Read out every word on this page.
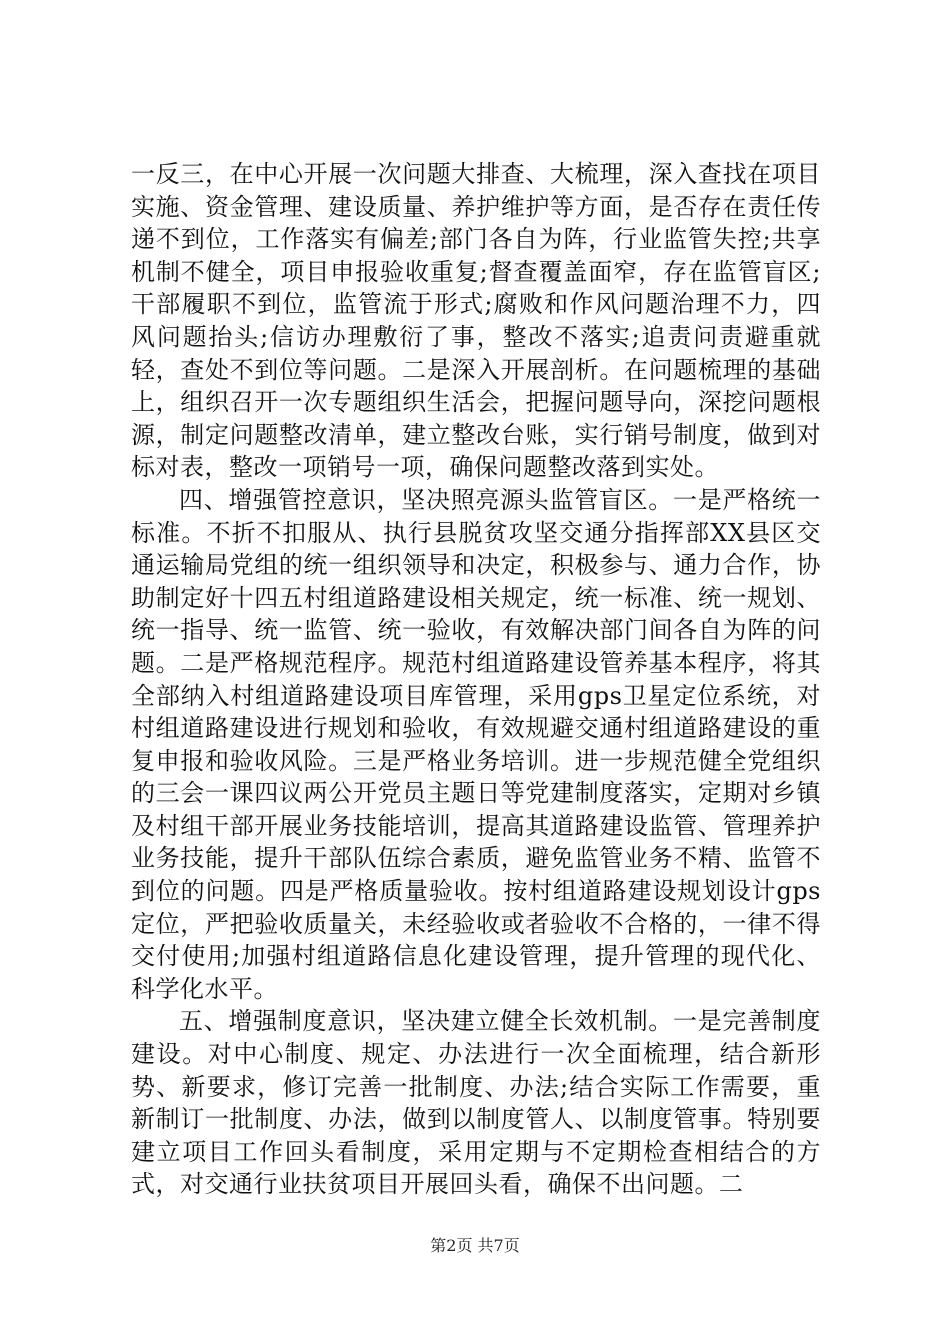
一反三，在中心开展一次问题大排查、大梳理，深入查找在项目实施、资金管理、建设质量、养护维护等方面，是否存在责任传递不到位，工作落实有偏差;部门各自为阵，行业监管失控;共享机制不健全，项目申报验收重复;督查覆盖面窄，存在监管盲区;干部履职不到位，监管流于形式;腐败和作风问题治理不力，四风问题抬头;信访办理敷衍了事，整改不落实;追责问责避重就轻，查处不到位等问题。二是深入开展剖析。在问题梳理的基础上，组织召开一次专题组织生活会，把握问题导向，深挖问题根源，制定问题整改清单，建立整改台账，实行销号制度，做到对标对表，整改一项销号一项，确保问题整改落到实处。

四、增强管控意识，坚决照亮源头监管盲区。一是严格统一标准。不折不扣服从、执行县脱贫攻坚交通分指挥部XX县区交通运输局党组的统一组织领导和决定，积极参与、通力合作，协助制定好十四五村组道路建设相关规定，统一标准、统一规划、统一指导、统一监管、统一验收，有效解决部门间各自为阵的问题。二是严格规范程序。规范村组道路建设管养基本程序，将其全部纳入村组道路建设项目库管理，采用gps卫星定位系统，对村组道路建设进行规划和验收，有效规避交通村组道路建设的重复申报和验收风险。三是严格业务培训。进一步规范健全党组织的三会一课四议两公开党员主题日等党建制度落实，定期对乡镇及村组干部开展业务技能培训，提高其道路建设监管、管理养护业务技能，提升干部队伍综合素质，避免监管业务不精、监管不到位的问题。四是严格质量验收。按村组道路建设规划设计gps定位，严把验收质量关，未经验收或者验收不合格的，一律不得交付使用;加强村组道路信息化建设管理，提升管理的现代化、科学化水平。

五、增强制度意识，坚决建立健全长效机制。一是完善制度建设。对中心制度、规定、办法进行一次全面梳理，结合新形势、新要求，修订完善一批制度、办法;结合实际工作需要，重新制订一批制度、办法，做到以制度管人、以制度管事。特别要建立项目工作回头看制度，采用定期与不定期检查相结合的方式，对交通行业扶贫项目开展回头看，确保不出问题。二

第2页 共7页
